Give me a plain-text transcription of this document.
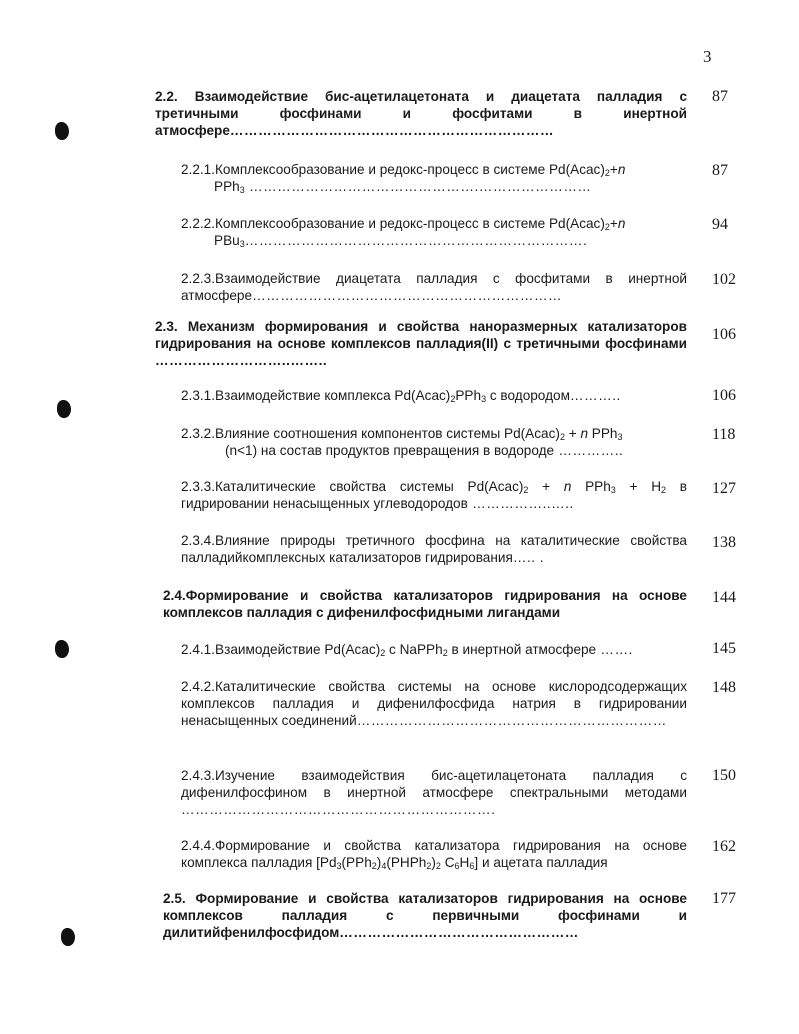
3
2.2. Взаимодействие бис-ацетилацетоната и диацетата палладия с третичными фосфинами и фосфитами в инертной атмосфере……………………………………………………………
87
2.2.1.Комплексообразование и редокс-процесс в системе $Pd(Acac)_2+n$
PPh$_3$ ………………………………………….……………………
87
2.2.2.Комплексообразование и редокс-процесс в системе $Pd(Acac)_2+n$
PBu$_3$……………………………………………………………….
94
2.2.3.Взаимодействие диацетата палладия с фосфитами в инертной атмосфере…………………………………………………………
102
2.3. Механизм формирования и свойства наноразмерных катализаторов гидрирования на основе комплексов палладия(II) с третичными фосфинами ………………………..……..
106
2.3.1.Взаимодействие комплекса $Pd(Acac)_2PPh_3$ с водородом………..	106
2.3.2.Влияние соотношения компонентов системы $Pd(Acac)_2 + n$ PPh$_3$
(n<1) на состав продуктов превращения в водороде …………..
118
2.3.3.Каталитические свойства системы $Pd(Acac)_2 + n$ $PPh_3 + H_2$ в гидрировании ненасыщенных углеводородов ……………..…..
127
2.3.4.Влияние природы третичного фосфина на каталитические свойства палладийкомплексных катализаторов гидрирования….. .
138
2.4.Формирование и свойства катализаторов гидрирования на основе комплексов палладия с дифенилфосфидными лигандами
144
2.4.1.Взаимодействие $Pd(Acac)_2$ с NaPPh$_2$ в инертной атмосфере …….	145
2.4.2.Каталитические свойства системы на основе кислородсодержащих комплексов палладия и дифенилфосфида натрия в гидрировании ненасыщенных соединений…………………………………………………………
148
2.4.3.Изучение взаимодействия бис-ацетилацетоната палладия с дифенилфосфином в инертной атмосфере спектральными методами ………………………………………………………….
150
2.4.4.Формирование и свойства катализатора гидрирования на основе комплекса палладия [$Pd_3(PPh_2)_4(PHPh_2)_2$ $C_6H_6$] и ацетата палладия
162
2.5. Формирование и свойства катализаторов гидрирования на основе комплексов палладия с первичными фосфинами и дилитийфенилфосфидом……………………………………………
177
